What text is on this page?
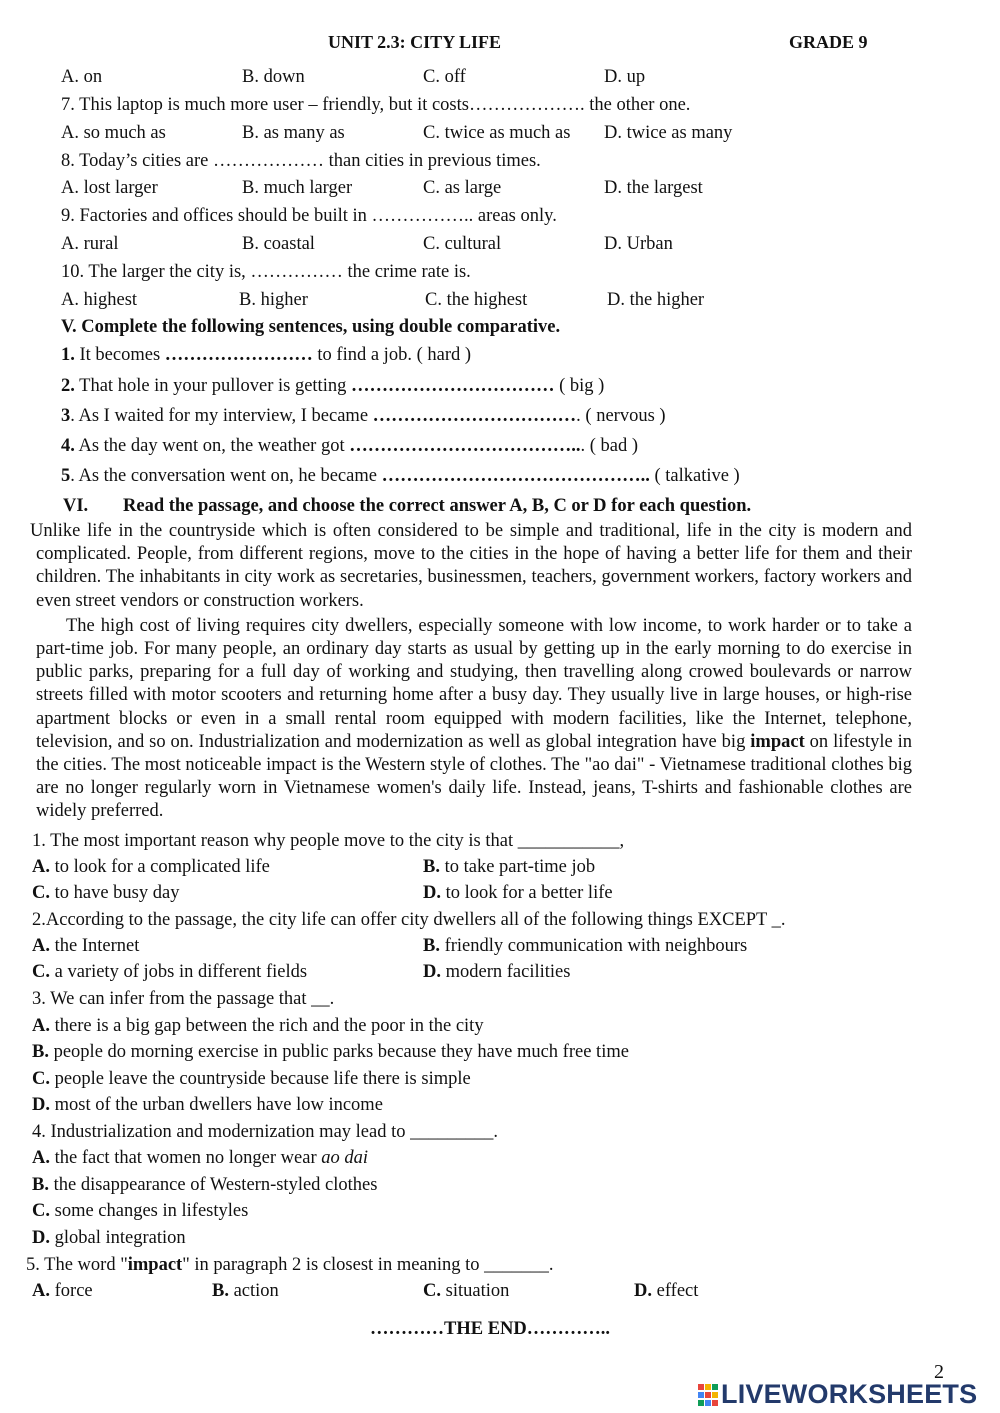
UNIT 2.3: CITY LIFE	GRADE 9
A. on	B. down	C. off	D. up
7. This laptop is much more user – friendly, but it costs………………. the other one.
A. so much as	B. as many as	C. twice as much as D. twice as many
8. Today’s cities are ……………… than cities in previous times.
A. lost larger	B. much larger	C. as large	D. the largest
9. Factories and offices should be built in …………….. areas only.
A. rural	B. coastal	C. cultural	D. Urban
10. The larger the city is, …………… the crime rate is.
A. highest	B. higher	C. the highest	D. the higher
V. Complete the following sentences, using double comparative.
1. It becomes …………………… to find a job. ( hard )
2. That hole in your pullover is getting …………………………… ( big )
3. As I waited for my interview, I became ……………………………. ( nervous )
4. As the day went on, the weather got ………………………………... ( bad )
5. As the conversation went on, he became …………………………………….. ( talkative )
VI. Read the passage, and choose the correct answer A, B, C or D for each question.

Unlike life in the countryside which is often considered to be simple and traditional, life in the city is modern and complicated. People, from different regions, move to the cities in the hope of having a better life for them and their children. The inhabitants in city work as secretaries, businessmen, teachers, government workers, factory workers and even street vendors or construction workers.

The high cost of living requires city dwellers, especially someone with low income, to work harder or to take a part-time job. For many people, an ordinary day starts as usual by getting up in the early morning to do exercise in public parks, preparing for a full day of working and studying, then travelling along crowed boulevards or narrow streets filled with motor scooters and returning home after a busy day. They usually live in large houses, or high-rise apartment blocks or even in a small rental room equipped with modern facilities, like the Internet, telephone, television, and so on. Industrialization and modernization as well as global integration have big impact on lifestyle in the cities. The most noticeable impact is the Western style of clothes. The "ao dai" - Vietnamese traditional clothes big are no longer regularly worn in Vietnamese women's daily life. Instead, jeans, T-shirts and fashionable clothes are widely preferred.

1. The most important reason why people move to the city is that ___________,
A. to look for a complicated life	B. to take part-time job
C. to have busy day	D. to look for a better life
2.According to the passage, the city life can offer city dwellers all of the following things EXCEPT _.
A. the Internet	B. friendly communication with neighbours
C. a variety of jobs in different fields	D. modern facilities
3. We can infer from the passage that __.
A. there is a big gap between the rich and the poor in the city
B. people do morning exercise in public parks because they have much free time
C. people leave the countryside because life there is simple
D. most of the urban dwellers have low income
4. Industrialization and modernization may lead to _________.
A. the fact that women no longer wear ao dai
B. the disappearance of Western-styled clothes
C. some changes in lifestyles
D. global integration
5. The word "impact" in paragraph 2 is closest in meaning to _______.
A. force	B. action	C. situation	D. effect
…………THE END…………..
2
LIVEWORKSHEETS
